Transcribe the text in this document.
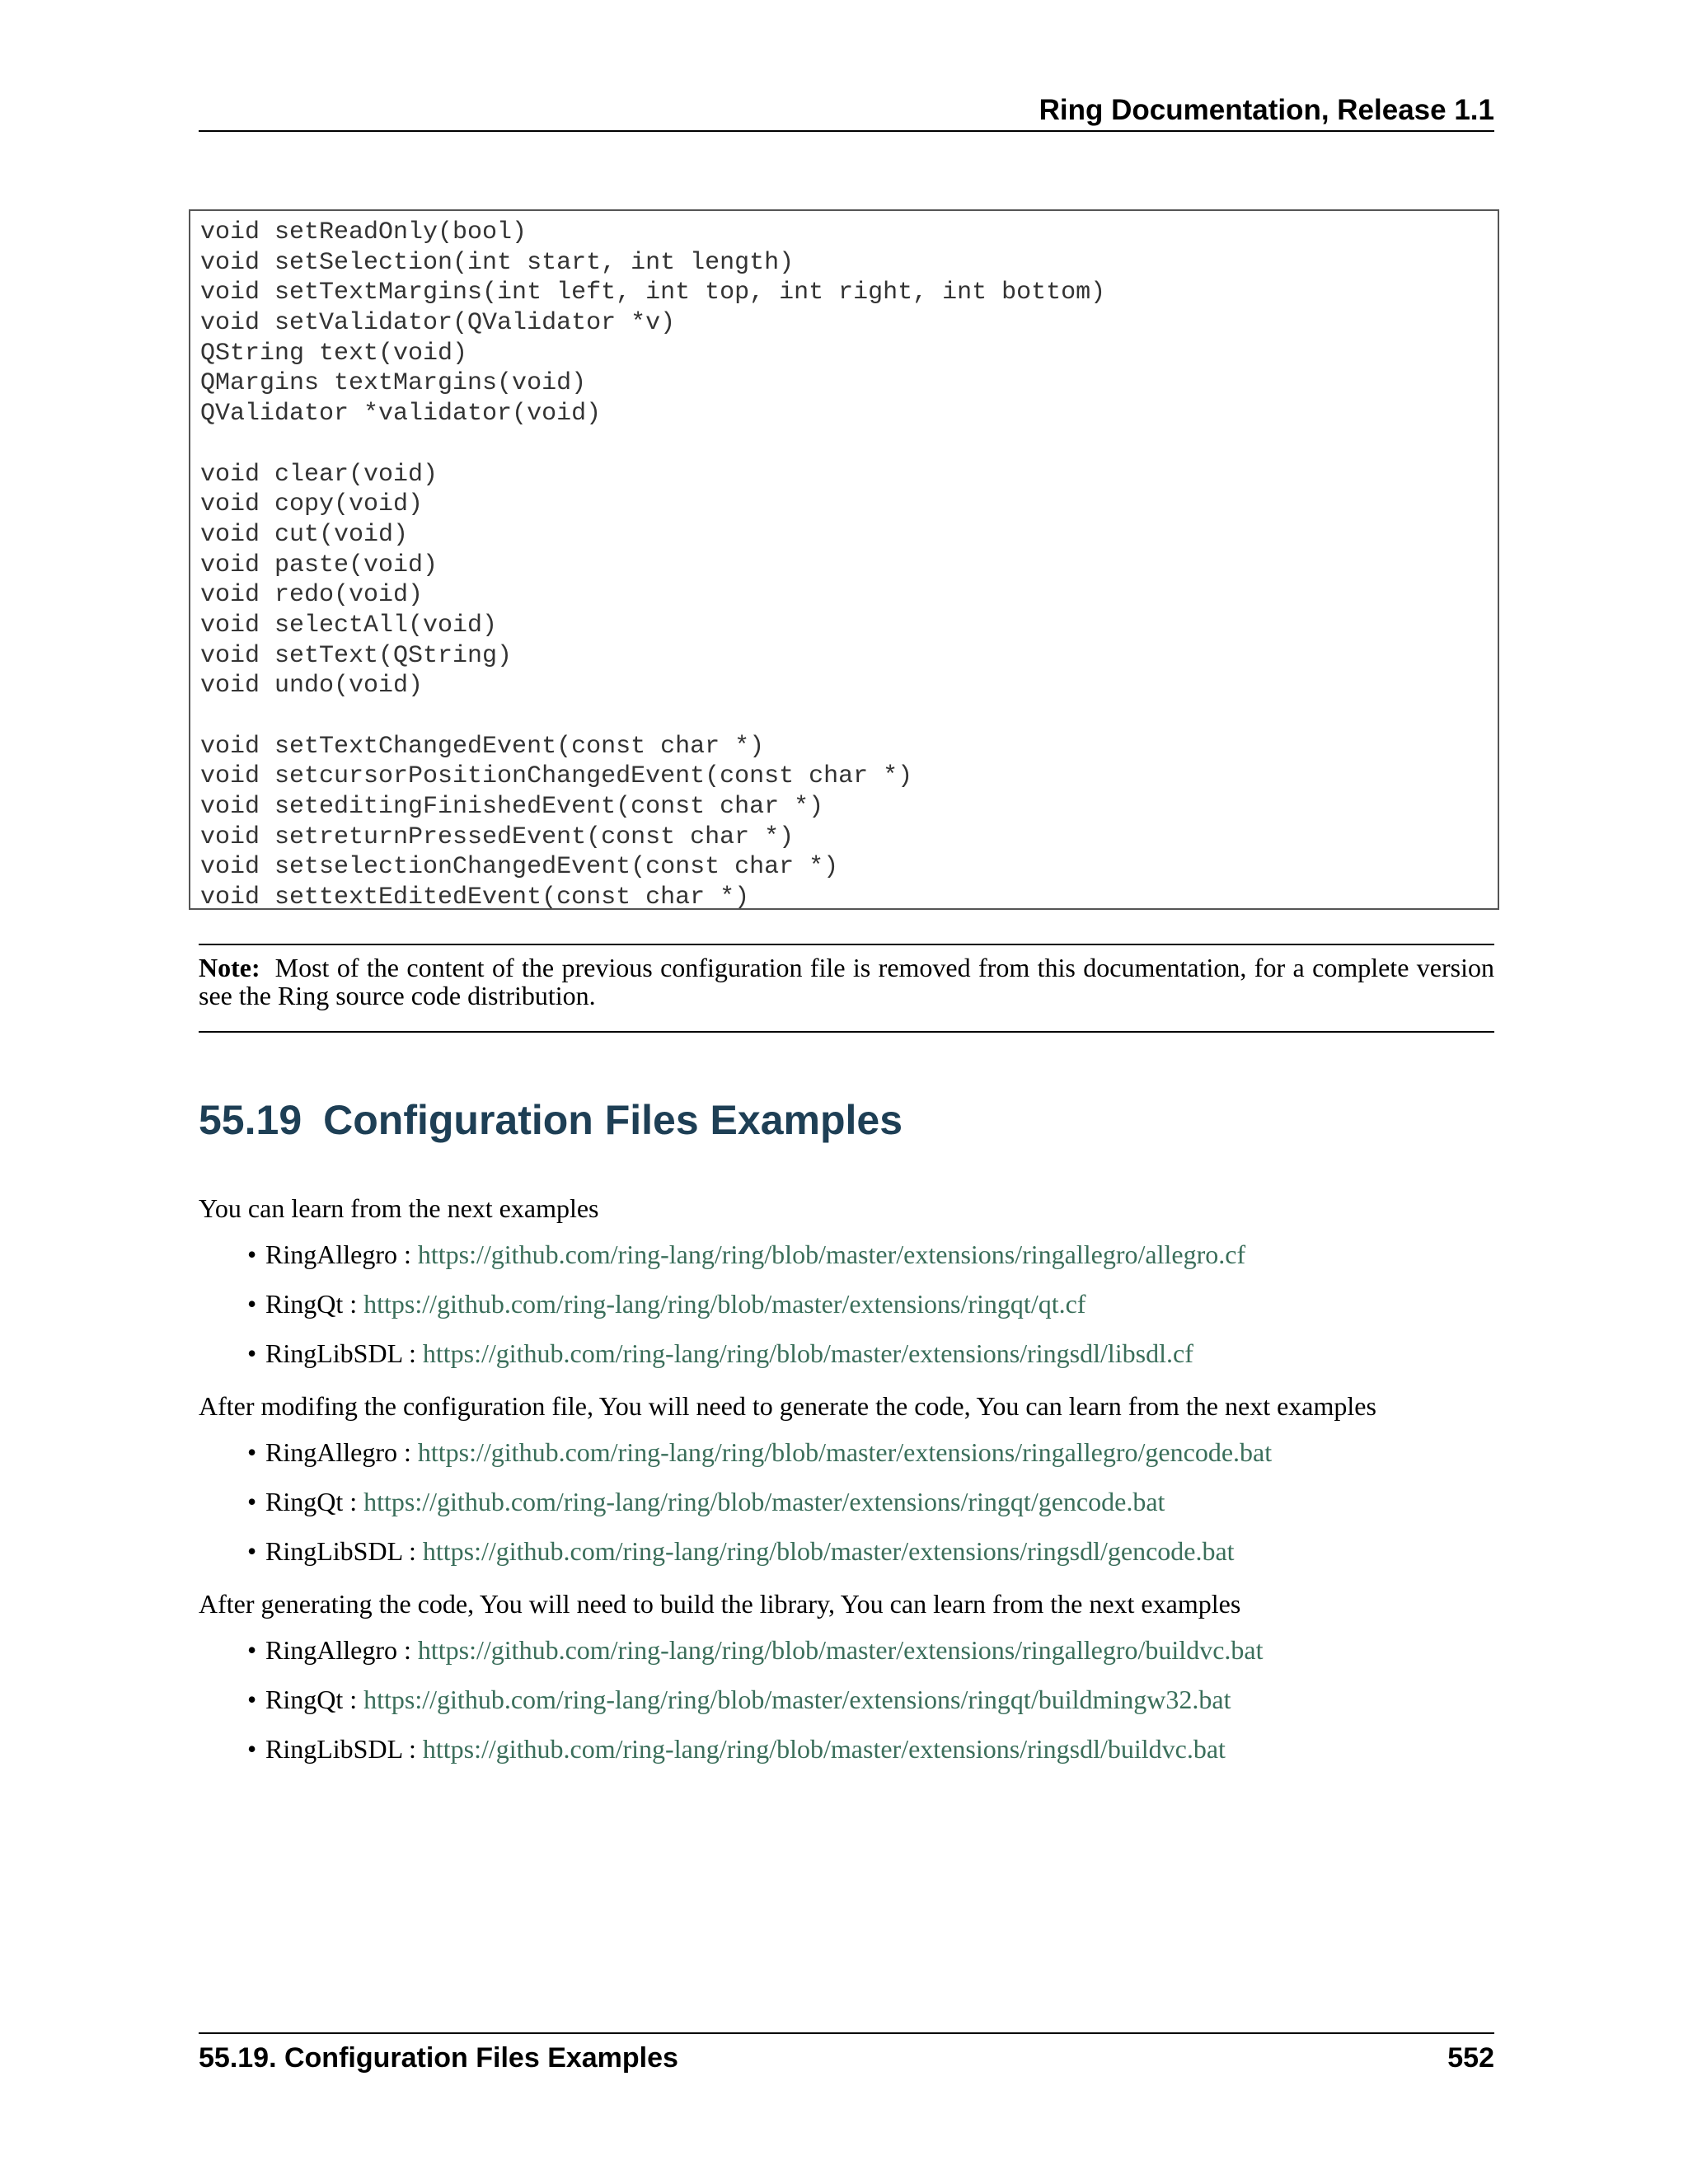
Ring Documentation, Release 1.1
void setReadOnly(bool)
void setSelection(int start, int length)
void setTextMargins(int left, int top, int right, int bottom)
void setValidator(QValidator *v)
QString text(void)
QMargins textMargins(void)
QValidator *validator(void)
void clear(void)
void copy(void)
void cut(void)
void paste(void)
void redo(void)
void selectAll(void)
void setText(QString)
void undo(void)
void setTextChangedEvent(const char *)
void setcursorPositionChangedEvent(const char *)
void seteditingFinishedEvent(const char *)
void setreturnPressedEvent(const char *)
void setselectionChangedEvent(const char *)
void settextEditedEvent(const char *)
Note: Most of the content of the previous configuration file is removed from this documentation, for a complete version see the Ring source code distribution.
55.19 Configuration Files Examples
You can learn from the next examples
• RingAllegro : https://github.com/ring-lang/ring/blob/master/extensions/ringallegro/allegro.cf
• RingQt : https://github.com/ring-lang/ring/blob/master/extensions/ringqt/qt.cf
• RingLibSDL : https://github.com/ring-lang/ring/blob/master/extensions/ringsdl/libsdl.cf
After modifing the configuration file, You will need to generate the code, You can learn from the next examples
• RingAllegro : https://github.com/ring-lang/ring/blob/master/extensions/ringallegro/gencode.bat
• RingQt : https://github.com/ring-lang/ring/blob/master/extensions/ringqt/gencode.bat
• RingLibSDL : https://github.com/ring-lang/ring/blob/master/extensions/ringsdl/gencode.bat
After generating the code, You will need to build the library, You can learn from the next examples
• RingAllegro : https://github.com/ring-lang/ring/blob/master/extensions/ringallegro/buildvc.bat
• RingQt : https://github.com/ring-lang/ring/blob/master/extensions/ringqt/buildmingw32.bat
• RingLibSDL : https://github.com/ring-lang/ring/blob/master/extensions/ringsdl/buildvc.bat
55.19. Configuration Files Examples	552
